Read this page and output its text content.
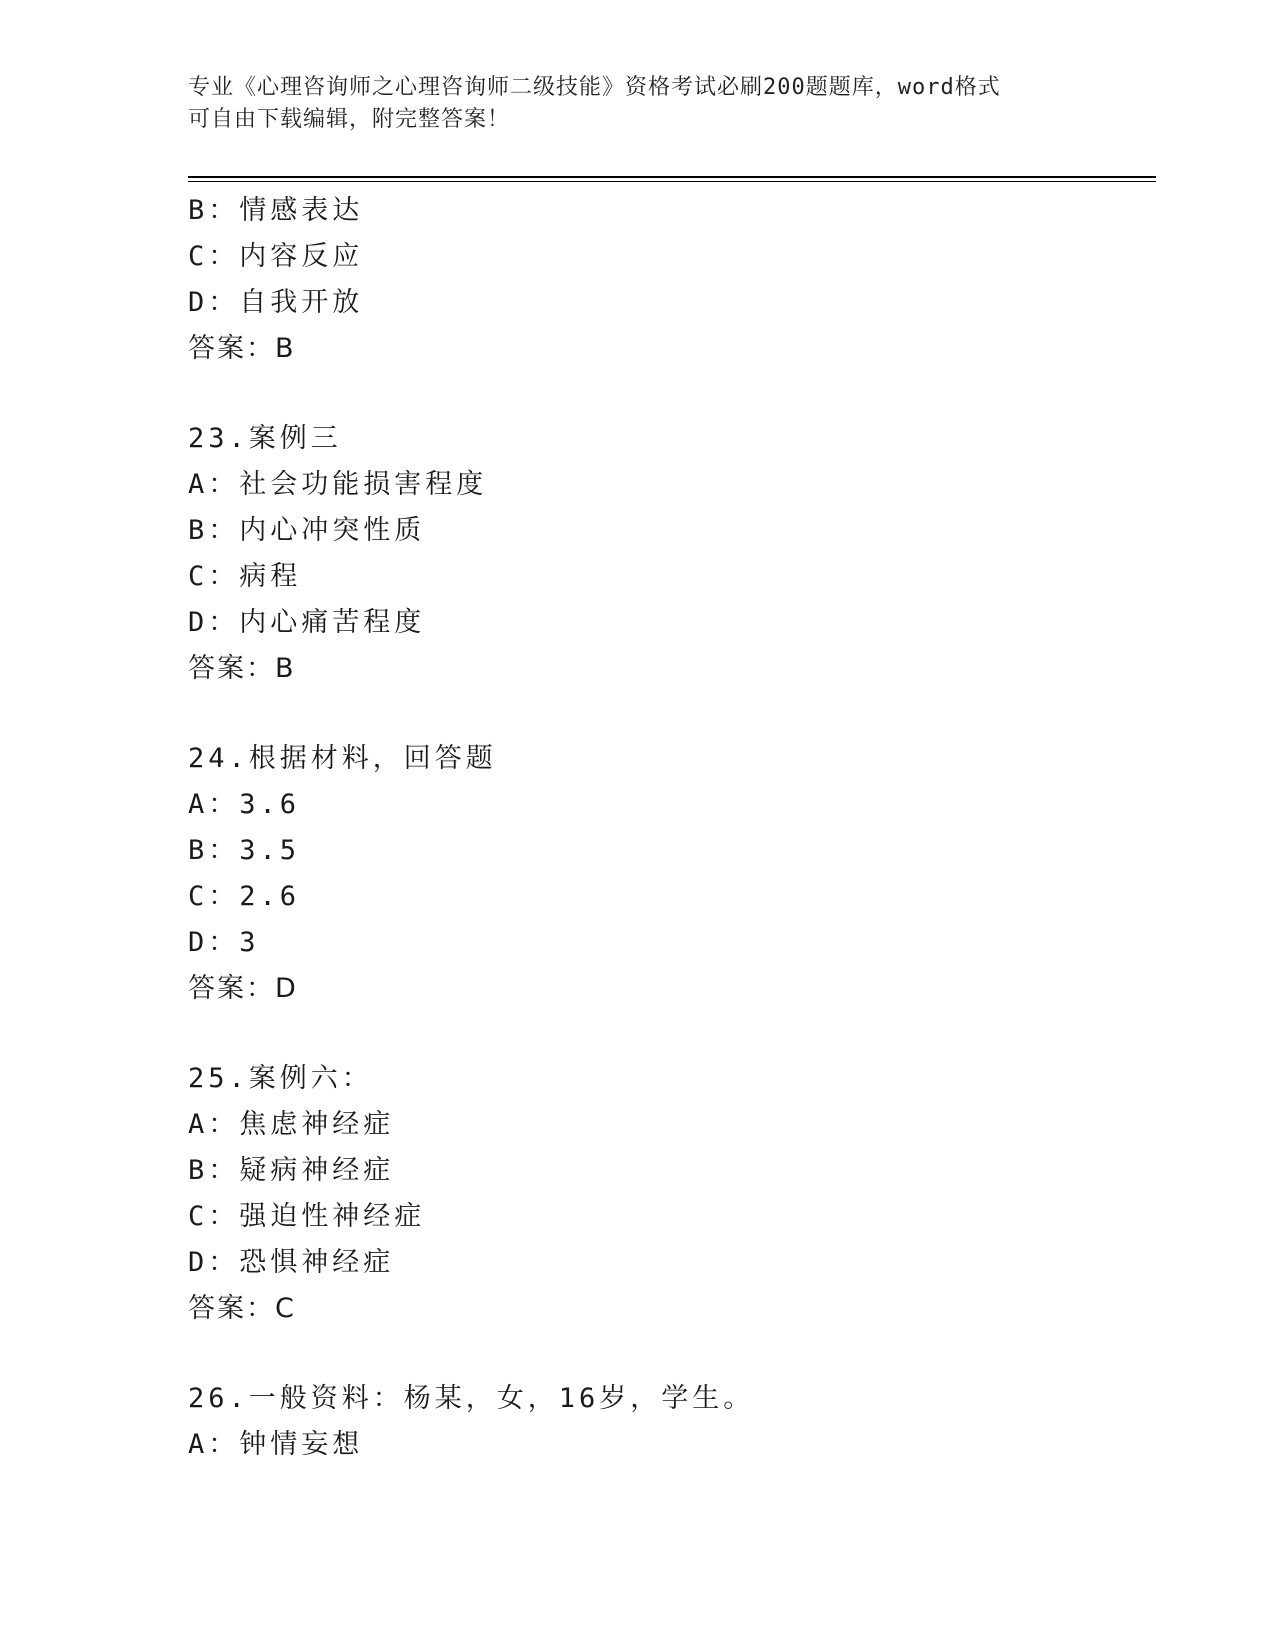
专业《心理咨询师之心理咨询师二级技能》资格考试必刷200题题库，word格式
可自由下载编辑，附完整答案！
B：情感表达
C：内容反应
D：自我开放
答案：B
23.案例三
A：社会功能损害程度
B：内心冲突性质
C：病程
D：内心痛苦程度
答案：B
24.根据材料，回答题
A：3.6
B：3.5
C：2.6
D：3
答案：D
25.案例六：
A：焦虑神经症
B：疑病神经症
C：强迫性神经症
D：恐惧神经症
答案：C
26.一般资料：杨某，女，16岁，学生。
A：钟情妄想
